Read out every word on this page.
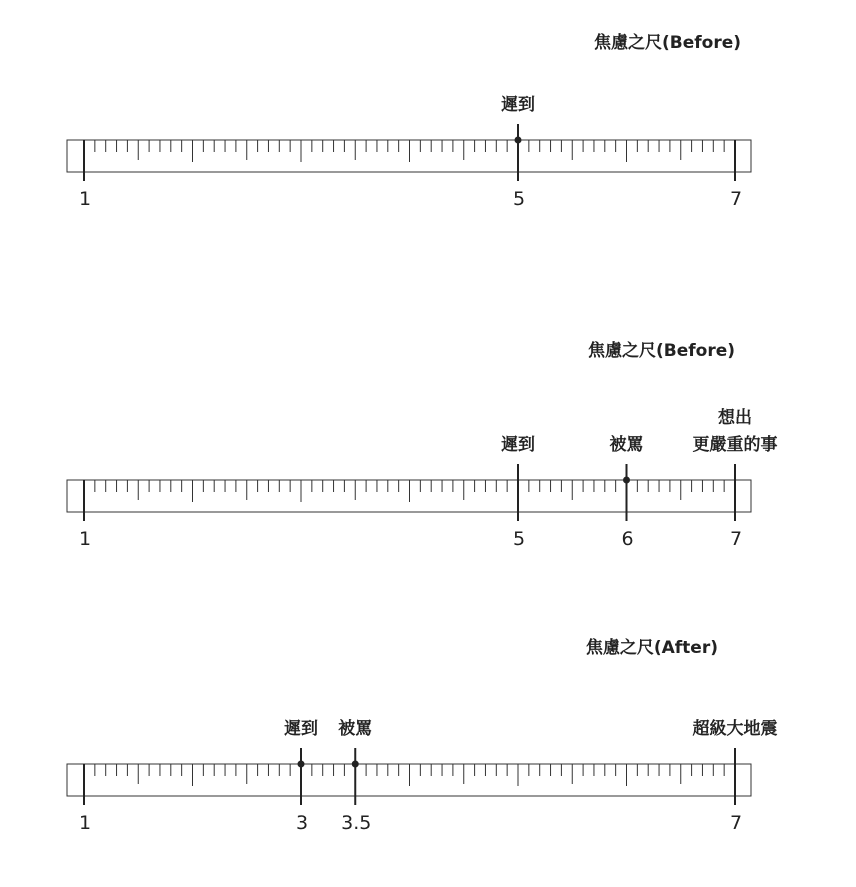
焦慮之尺(Before)
1	5	7
遲到
焦慮之尺(Before)
1	5	6	7
遲到	被罵
想出
更嚴重的事
焦慮之尺(After)
1	3 3.5	7
遲到 被罵	超級大地震
